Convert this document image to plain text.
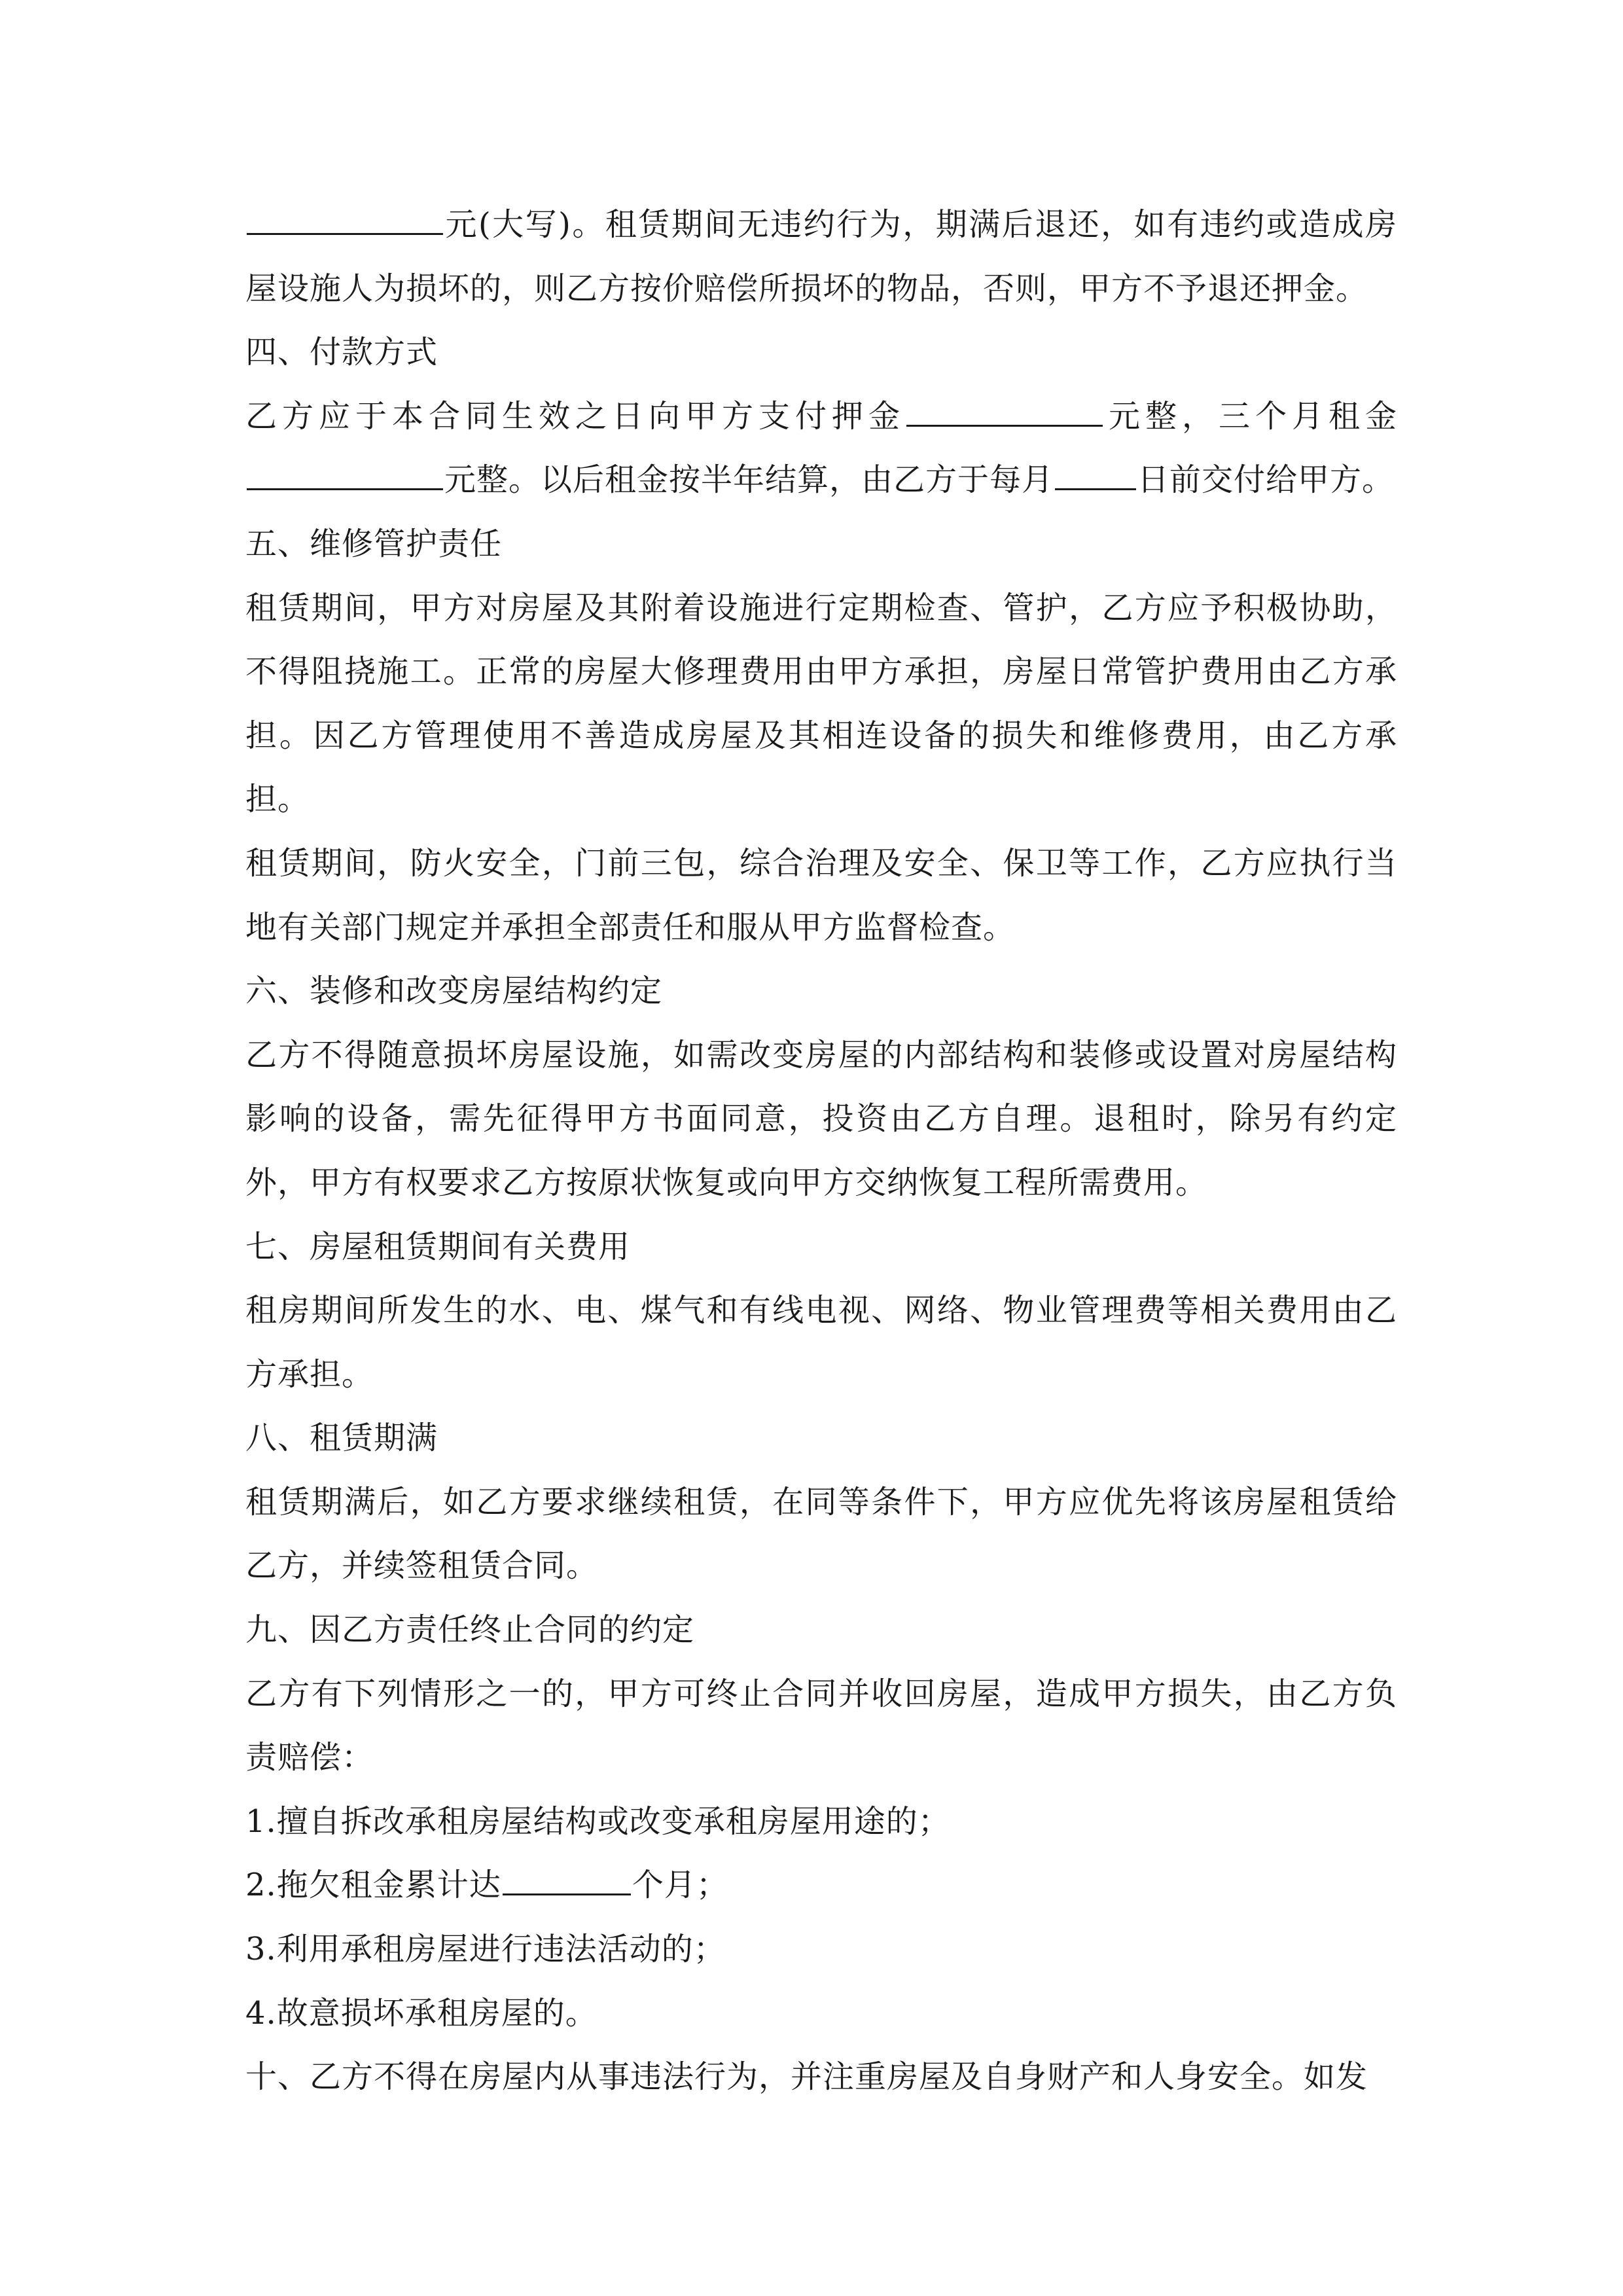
元(大写)。租赁期间无违约行为，期满后退还，如有违约或造成房屋设施人为损坏的，则乙方按价赔偿所损坏的物品，否则，甲方不予退还押金。

四、付款方式

乙方应于本合同生效之日向甲方支付押金	元整，三个月租金元整。以后租金按半年结算，由乙方于每月	日前交付给甲方。

五、维修管护责任

租赁期间，甲方对房屋及其附着设施进行定期检查、管护，乙方应予积极协助，不得阻挠施工。正常的房屋大修理费用由甲方承担，房屋日常管护费用由乙方承担。因乙方管理使用不善造成房屋及其相连设备的损失和维修费用，由乙方承担。

租赁期间，防火安全，门前三包，综合治理及安全、保卫等工作，乙方应执行当地有关部门规定并承担全部责任和服从甲方监督检查。

六、装修和改变房屋结构约定

乙方不得随意损坏房屋设施，如需改变房屋的内部结构和装修或设置对房屋结构影响的设备，需先征得甲方书面同意，投资由乙方自理。退租时，除另有约定外，甲方有权要求乙方按原状恢复或向甲方交纳恢复工程所需费用。

七、房屋租赁期间有关费用

租房期间所发生的水、电、煤气和有线电视、网络、物业管理费等相关费用由乙方承担。

八、租赁期满

租赁期满后，如乙方要求继续租赁，在同等条件下，甲方应优先将该房屋租赁给乙方，并续签租赁合同。

九、因乙方责任终止合同的约定

乙方有下列情形之一的，甲方可终止合同并收回房屋，造成甲方损失，由乙方负责赔偿：

1.擅自拆改承租房屋结构或改变承租房屋用途的；

2.拖欠租金累计达	个月；

3.利用承租房屋进行违法活动的；

4.故意损坏承租房屋的。

十、乙方不得在房屋内从事违法行为，并注重房屋及自身财产和人身安全。如发
